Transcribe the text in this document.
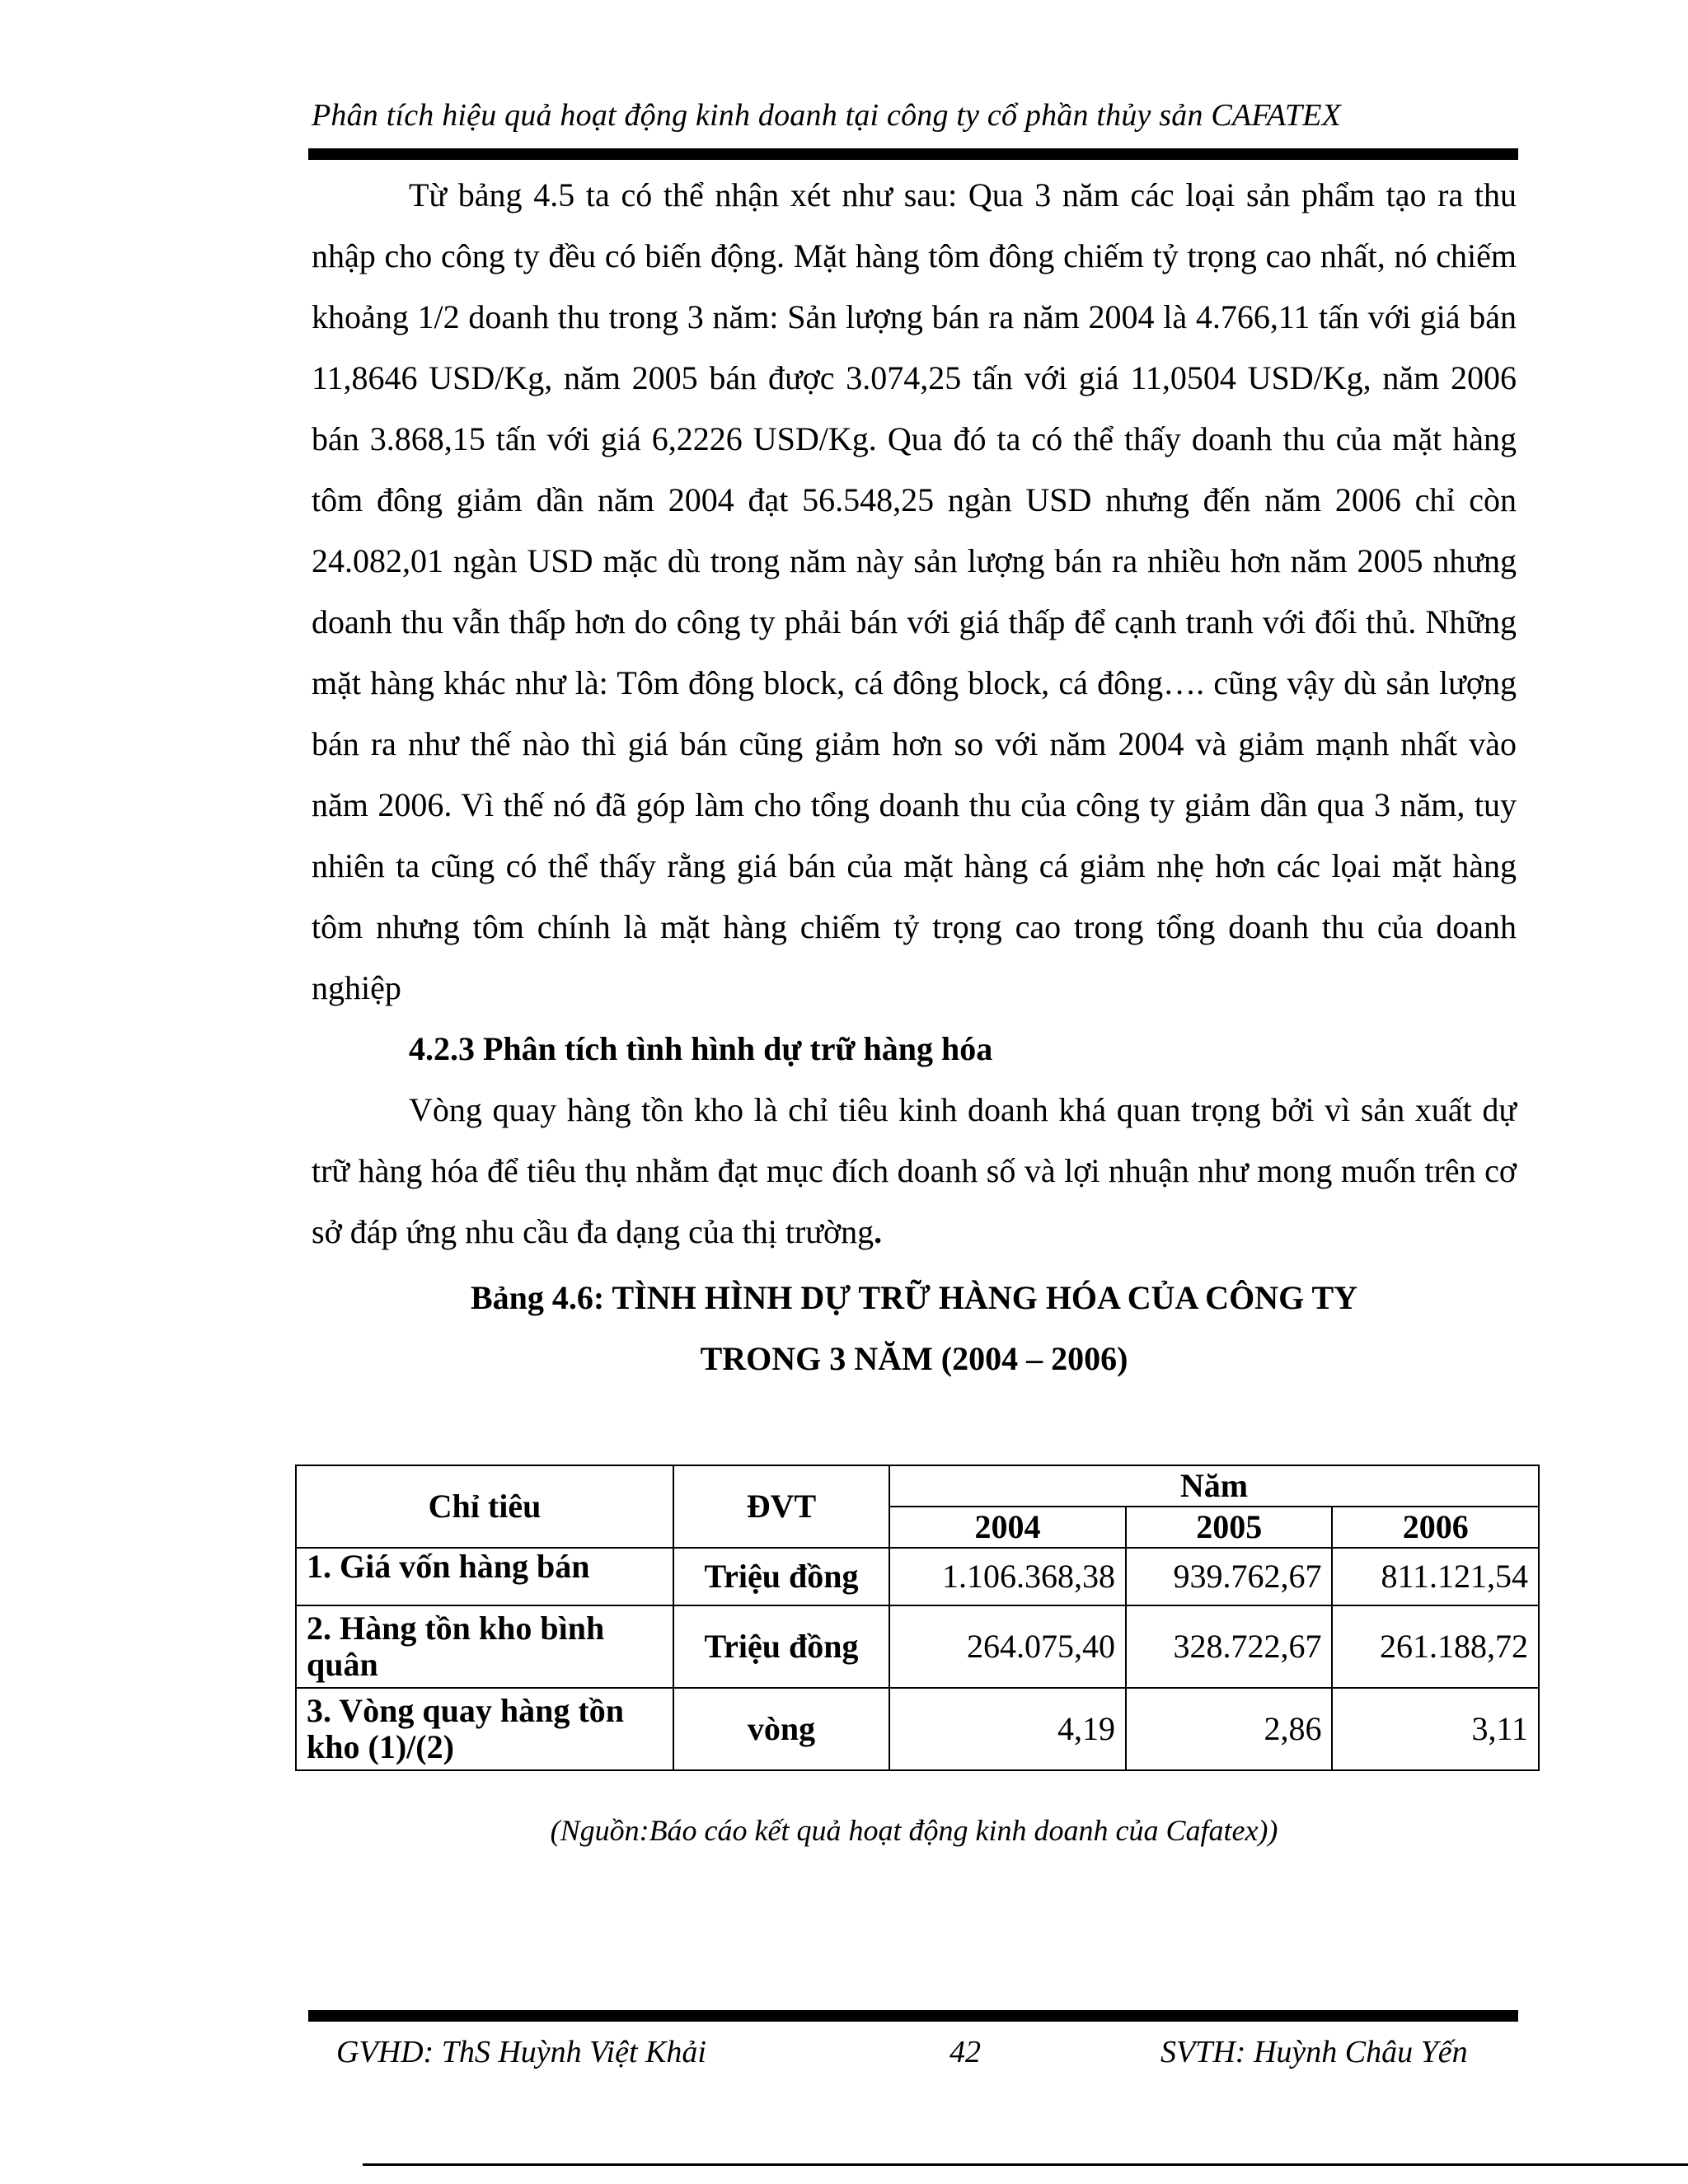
Phân tích hiệu quả hoạt động kinh doanh tại công ty cổ phần thủy sản CAFATEX

Từ bảng 4.5 ta có thể nhận xét như sau: Qua 3 năm các loại sản phẩm tạo ra thu nhập cho công ty đều có biến động. Mặt hàng tôm đông chiếm tỷ trọng cao nhất, nó chiếm khoảng 1/2 doanh thu trong 3 năm: Sản lượng bán ra năm 2004 là 4.766,11 tấn với giá bán 11,8646 USD/Kg, năm 2005 bán được 3.074,25 tấn với giá 11,0504 USD/Kg, năm 2006 bán 3.868,15 tấn với giá 6,2226 USD/Kg. Qua đó ta có thể thấy doanh thu của mặt hàng tôm đông giảm dần năm 2004 đạt 56.548,25 ngàn USD nhưng đến năm 2006 chỉ còn 24.082,01 ngàn USD mặc dù trong năm này sản lượng bán ra nhiều hơn năm 2005 nhưng doanh thu vẫn thấp hơn do công ty phải bán với giá thấp để cạnh tranh với đối thủ. Những mặt hàng khác như là: Tôm đông block, cá đông block, cá đông…. cũng vậy dù sản lượng bán ra như thế nào thì giá bán cũng giảm hơn so với năm 2004 và giảm mạnh nhất vào năm 2006. Vì thế nó đã góp làm cho tổng doanh thu của công ty giảm dần qua 3 năm, tuy nhiên ta cũng có thể thấy rằng giá bán của mặt hàng cá giảm nhẹ hơn các lọai mặt hàng tôm nhưng tôm chính là mặt hàng chiếm tỷ trọng cao trong tổng doanh thu của doanh nghiệp

4.2.3 Phân tích tình hình dự trữ hàng hóa

Vòng quay hàng tồn kho là chỉ tiêu kinh doanh khá quan trọng bởi vì sản xuất dự trữ hàng hóa để tiêu thụ nhằm đạt mục đích doanh số và lợi nhuận như mong muốn trên cơ sở đáp ứng nhu cầu đa dạng của thị trường.

Bảng 4.6: TÌNH HÌNH DỰ TRỮ HÀNG HÓA CỦA CÔNG TY
TRONG 3 NĂM (2004 – 2006)
Chỉ tiêu	ĐVT	Năm		
		2004	2005	2006
1. Giá vốn hàng bán	Triệu đồng	1.106.368,38	939.762,67	811.121,54
2. Hàng tồn kho bình quân	Triệu đồng	264.075,40	328.722,67	261.188,72
3. Vòng quay hàng tồn kho (1)/(2)	vòng	4,19	2,86	3,11
(Nguồn:Báo cáo kết quả hoạt động kinh doanh của Cafatex))
GVHD: ThS Huỳnh Việt Khải	42	SVTH: Huỳnh Châu Yến
